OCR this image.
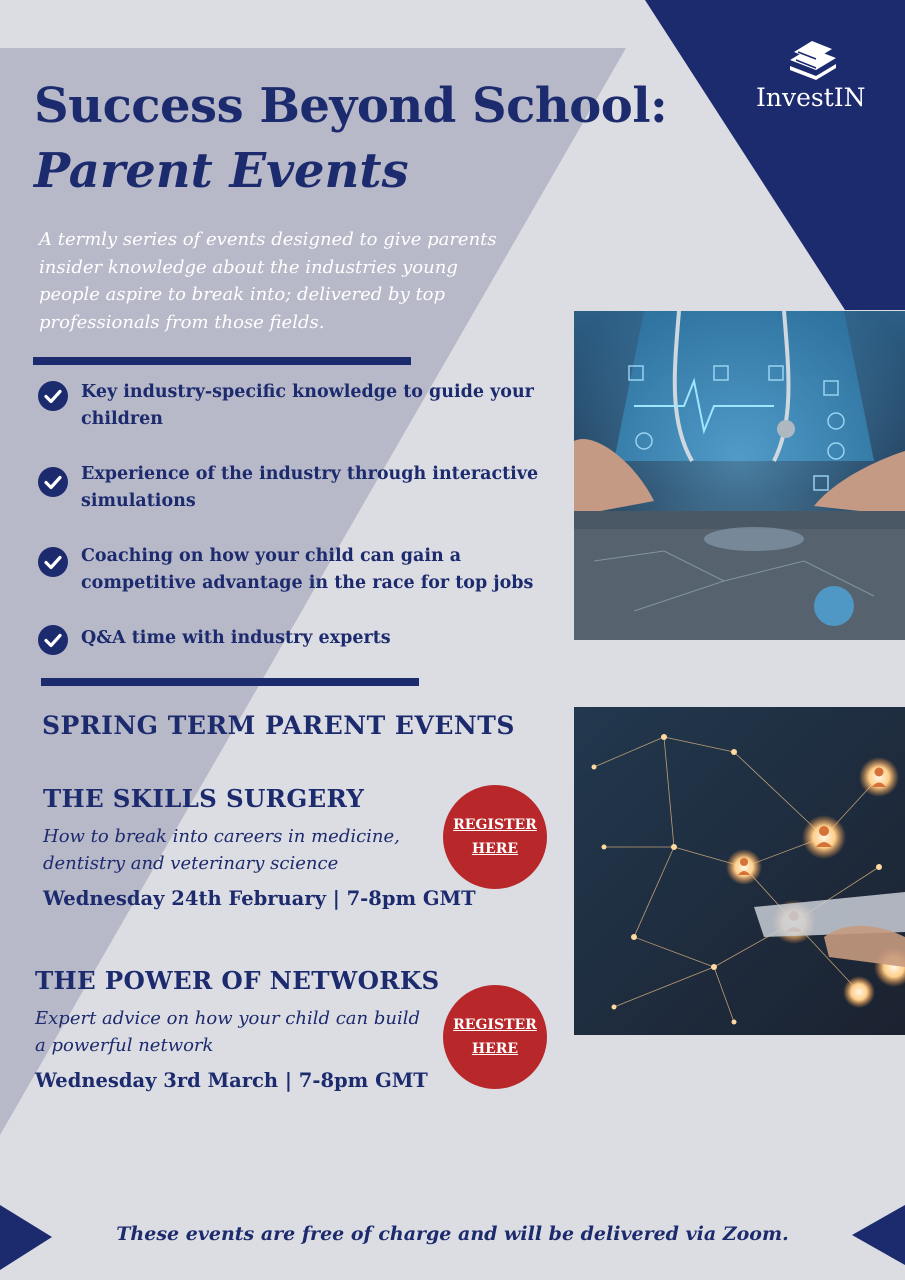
InvestIN

Success Beyond School:
Parent Events

A termly series of events designed to give parents insider knowledge about the industries young people aspire to break into; delivered by top professionals from those fields.

Key industry-specific knowledge to guide your children
Experience of the industry through interactive simulations
Coaching on how your child can gain a competitive advantage in the race for top jobs
Q&A time with industry experts
SPRING TERM PARENT EVENTS

THE SKILLS SURGERY

How to break into careers in medicine, dentistry and veterinary science

Wednesday 24th February | 7-8pm GMT

REGISTER HERE

THE POWER OF NETWORKS

Expert advice on how your child can build a powerful network

Wednesday 3rd March | 7-8pm GMT

REGISTER HERE

These events are free of charge and will be delivered via Zoom.
